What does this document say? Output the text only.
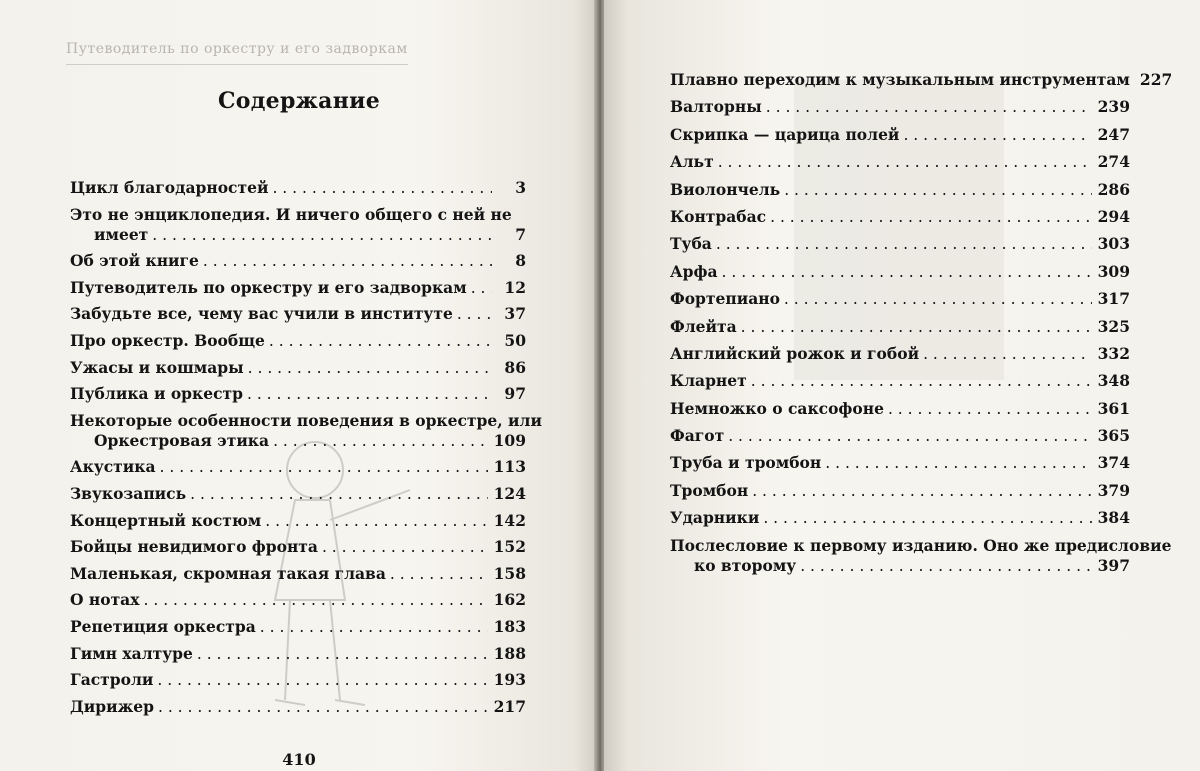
Путеводитель по оркестру и его задворкам
Содержание
Цикл благодарностей . . .	3
Это не энциклопедия. И ничего общего с ней не
имеет . . .	7
Об этой книге . . .	8
Путеводитель по оркестру и его задворкам . . .	12
Забудьте все, чему вас учили в институте . . .	37
Про оркестр. Вообще . . .	50
Ужасы и кошмары . . .	86
Публика и оркестр . . .	97
Некоторые особенности поведения в оркестре, или
Оркестровая этика . . .	109
Акустика . . .	113
Звукозапись . . .	124
Концертный костюм . . .	142
Бойцы невидимого фронта . . .	152
Маленькая, скромная такая глава . . .	158
О нотах . . .	162
Репетиция оркестра . . .	183
Гимн халтуре . . .	188
Гастроли . . .	193
Дирижер . . .	217
410
Плавно переходим к музыкальным инструментам 227
Валторны . . .	239
Скрипка — царица полей . . .	247
Альт . . .	274
Виолончель . . .	286
Контрабас . . .	294
Туба . . .	303
Арфа . . .	309
Фортепиано . . .	317
Флейта . . .	325
Английский рожок и гобой . . .	332
Кларнет . . .	348
Немножко о саксофоне . . .	361
Фагот . . .	365
Труба и тромбон . . .	374
Тромбон . . .	379
Ударники . . .	384
Послесловие к первому изданию. Оно же предисловие
ко второму . . .	397
